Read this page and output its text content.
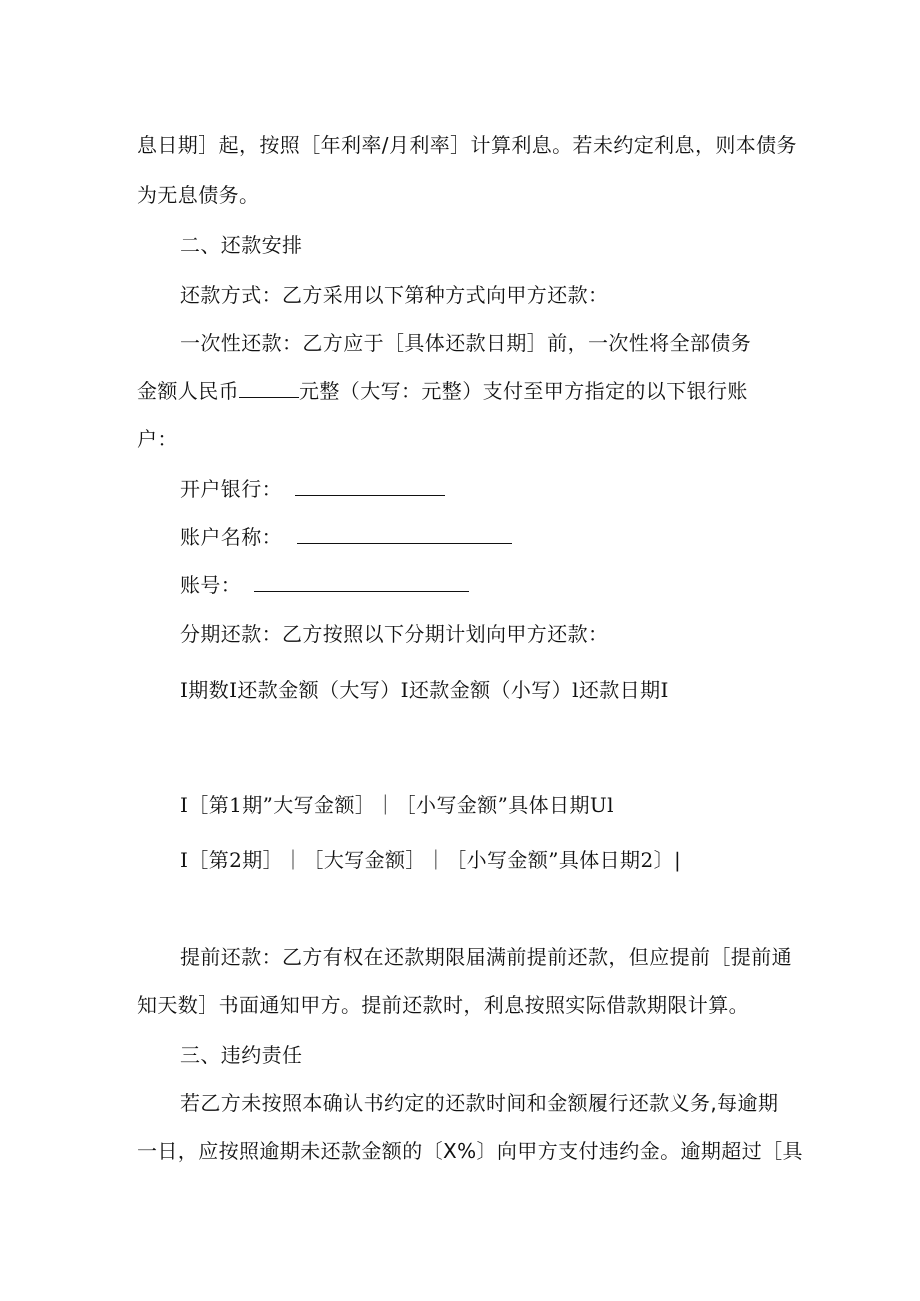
息日期］起，按照［年利率/月利率］计算利息。若未约定利息，则本债务
为无息债务。
二、还款安排
还款方式：乙方采用以下第种方式向甲方还款：
一次性还款：乙方应于［具体还款日期］前，一次性将全部债务
金额人民币	元整（大写：元整）支付至甲方指定的以下银行账
户：
开户银行：
账户名称：
账号：
分期还款：乙方按照以下分期计划向甲方还款：
I期数I还款金额（大写）I还款金额（小写）l还款日期I
I［第1期”大写金额］｜［小写金额”具体日期Ul
I［第2期］｜［大写金额］｜［小写金额”具体日期2〕|
提前还款：乙方有权在还款期限届满前提前还款，但应提前［提前通
知天数］书面通知甲方。提前还款时，利息按照实际借款期限计算。
三、违约责任
若乙方未按照本确认书约定的还款时间和金额履行还款义务,每逾期
一日，应按照逾期未还款金额的〔X%〕向甲方支付违约金。逾期超过［具
